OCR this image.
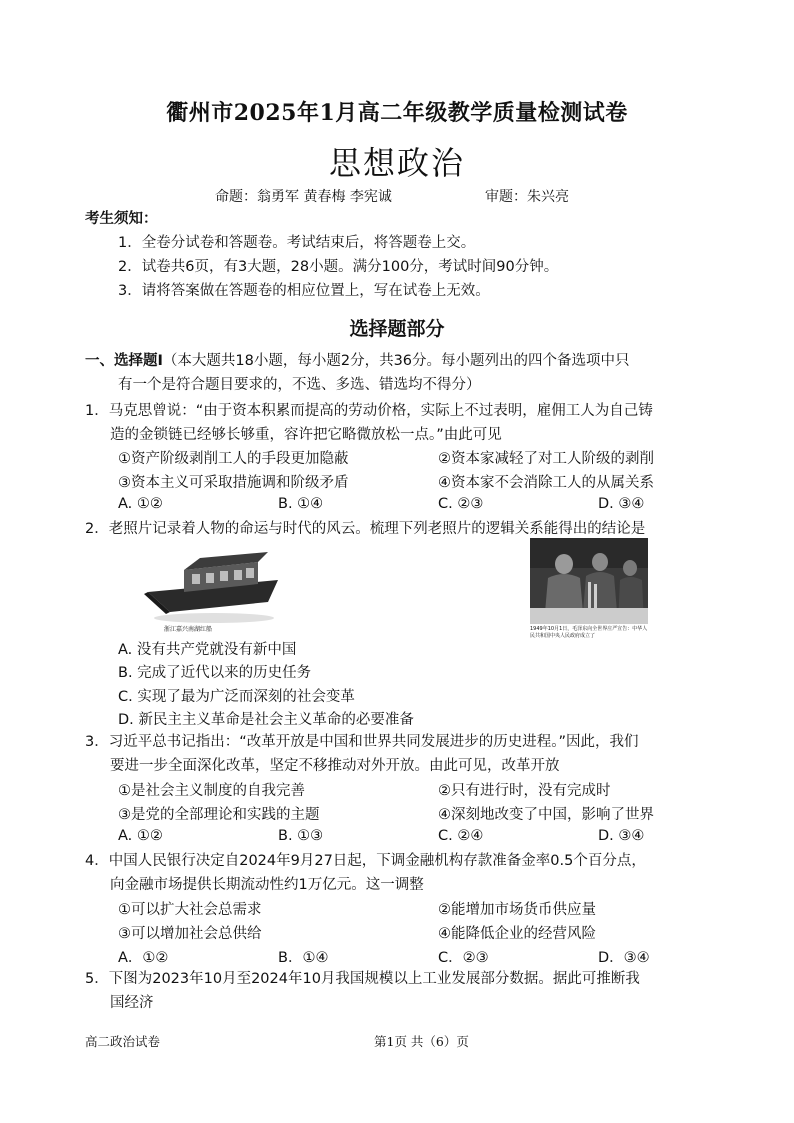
衢州市2025年1月高二年级教学质量检测试卷
思想政治
命题：翁勇军 黄春梅 李宪诚	审题：朱兴亮
考生须知：
1．全卷分试卷和答题卷。考试结束后，将答题卷上交。
2．试卷共6页，有3大题，28小题。满分100分，考试时间90分钟。
3．请将答案做在答题卷的相应位置上，写在试卷上无效。
选择题部分
一、选择题Ⅰ（本大题共18小题，每小题2分，共36分。每小题列出的四个备选项中只
有一个是符合题目要求的，不选、多选、错选均不得分）
1．马克思曾说：“由于资本积累而提高的劳动价格，实际上不过表明，雇佣工人为自己铸
造的金锁链已经够长够重，容许把它略微放松一点。”由此可见
①资产阶级剥削工人的手段更加隐蔽	②资本家减轻了对工人阶级的剥削
③资本主义可采取措施调和阶级矛盾	④资本家不会消除工人的从属关系
A. ①②	B. ①④	C. ②③	D. ③④
2．老照片记录着人物的命运与时代的风云。梳理下列老照片的逻辑关系能得出的结论是
浙江嘉兴南湖红船	1949年10月1日，毛泽东向全世界庄严宣告：中华人民共和国中央人民政府成立了
A. 没有共产党就没有新中国
B. 完成了近代以来的历史任务
C. 实现了最为广泛而深刻的社会变革
D. 新民主主义革命是社会主义革命的必要准备
3．习近平总书记指出：“改革开放是中国和世界共同发展进步的历史进程。”因此，我们
要进一步全面深化改革，坚定不移推动对外开放。由此可见，改革开放
①是社会主义制度的自我完善	②只有进行时，没有完成时
③是党的全部理论和实践的主题	④深刻地改变了中国，影响了世界
A. ①②	B. ①③	C. ②④	D. ③④
4．中国人民银行决定自2024年9月27日起，下调金融机构存款准备金率0.5个百分点，
向金融市场提供长期流动性约1万亿元。这一调整
①可以扩大社会总需求	②能增加市场货币供应量
③可以增加社会总供给	④能降低企业的经营风险
A．①②	B．①④	C．②③	D．③④
5．下图为2023年10月至2024年10月我国规模以上工业发展部分数据。据此可推断我
国经济
高二政治试卷	第1页 共（6）页
